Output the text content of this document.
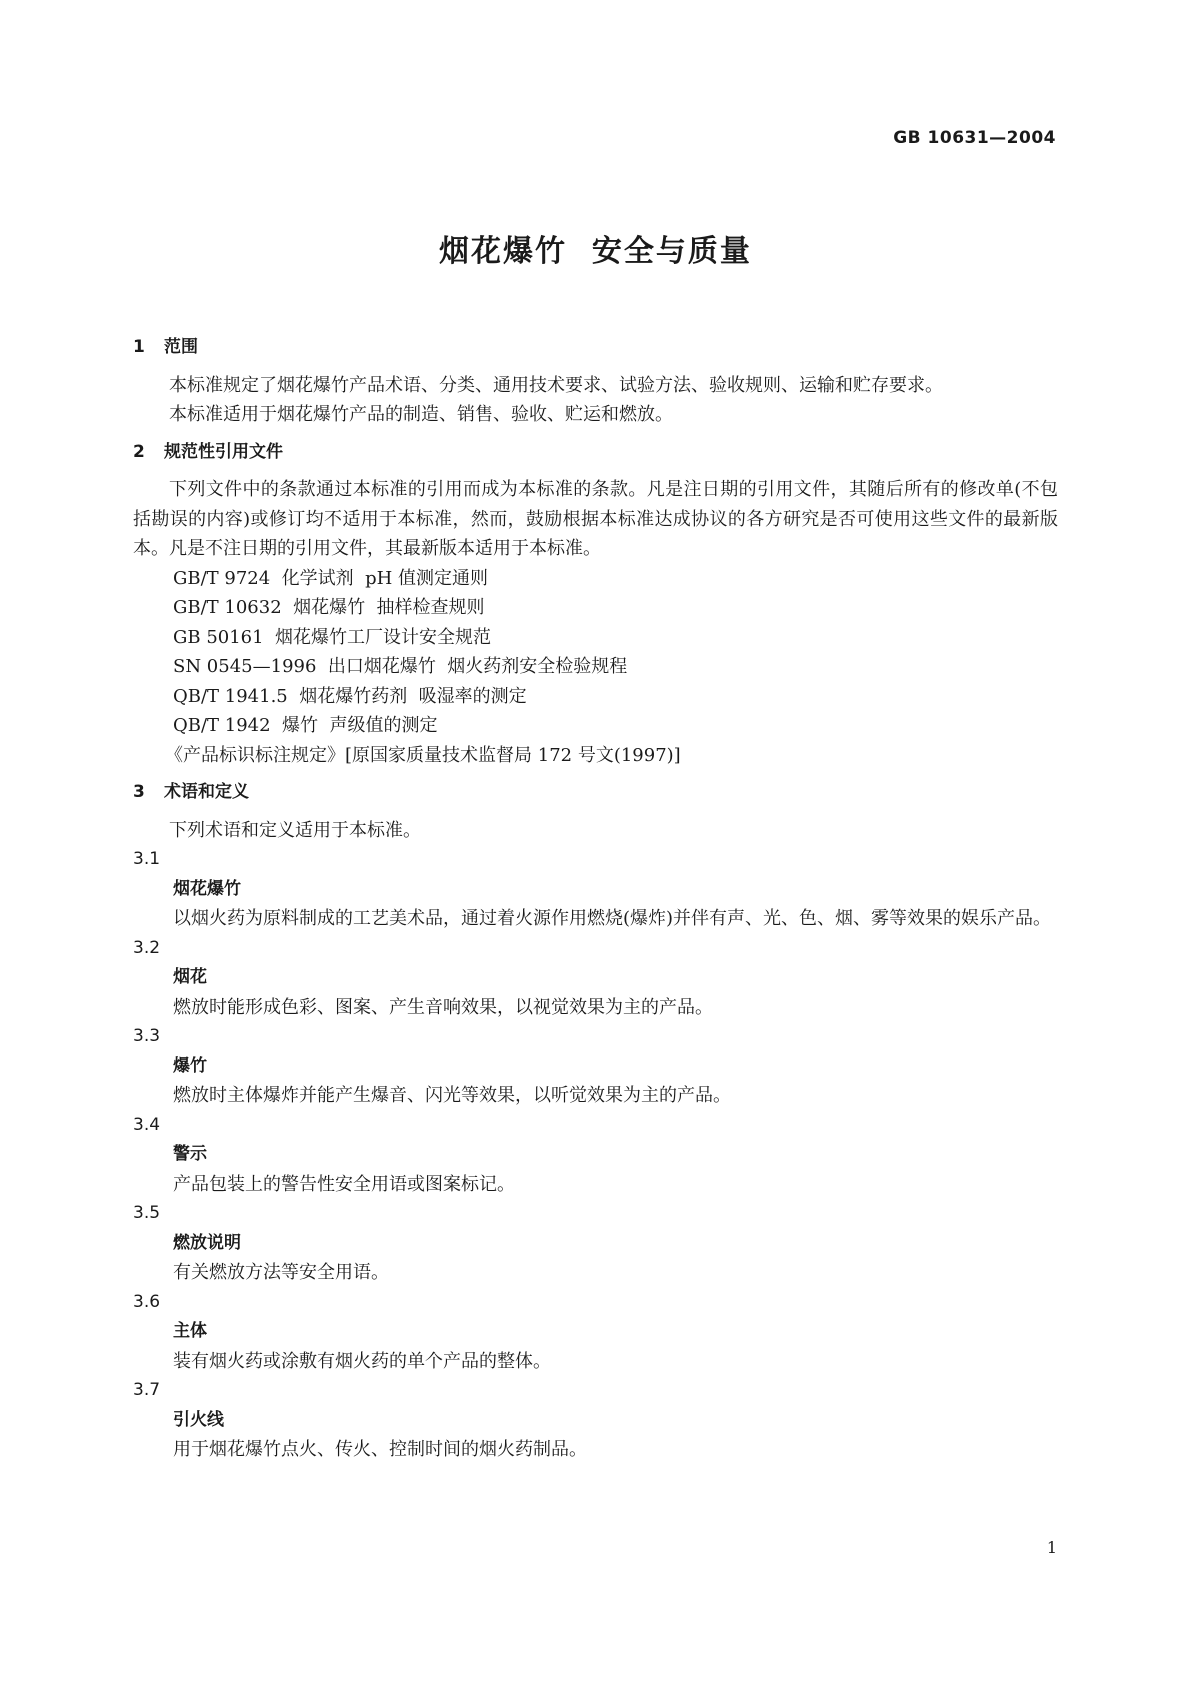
GB 10631—2004
烟花爆竹  安全与质量
1 范围

本标准规定了烟花爆竹产品术语、分类、通用技术要求、试验方法、验收规则、运输和贮存要求。

本标准适用于烟花爆竹产品的制造、销售、验收、贮运和燃放。

2 规范性引用文件

下列文件中的条款通过本标准的引用而成为本标准的条款。凡是注日期的引用文件，其随后所有的修改单(不包括勘误的内容)或修订均不适用于本标准，然而，鼓励根据本标准达成协议的各方研究是否可使用这些文件的最新版本。凡是不注日期的引用文件，其最新版本适用于本标准。

GB/T 9724  化学试剂  pH 值测定通则

GB/T 10632  烟花爆竹  抽样检查规则

GB 50161  烟花爆竹工厂设计安全规范

SN 0545—1996  出口烟花爆竹  烟火药剂安全检验规程

QB/T 1941.5  烟花爆竹药剂  吸湿率的测定

QB/T 1942  爆竹  声级值的测定

《产品标识标注规定》[原国家质量技术监督局 172 号文(1997)]

3 术语和定义

下列术语和定义适用于本标准。

3.1

烟花爆竹

以烟火药为原料制成的工艺美术品，通过着火源作用燃烧(爆炸)并伴有声、光、色、烟、雾等效果的娱乐产品。

3.2

烟花

燃放时能形成色彩、图案、产生音响效果，以视觉效果为主的产品。

3.3

爆竹

燃放时主体爆炸并能产生爆音、闪光等效果，以听觉效果为主的产品。

3.4

警示

产品包装上的警告性安全用语或图案标记。

3.5

燃放说明

有关燃放方法等安全用语。

3.6

主体

装有烟火药或涂敷有烟火药的单个产品的整体。

3.7

引火线

用于烟花爆竹点火、传火、控制时间的烟火药制品。

1
